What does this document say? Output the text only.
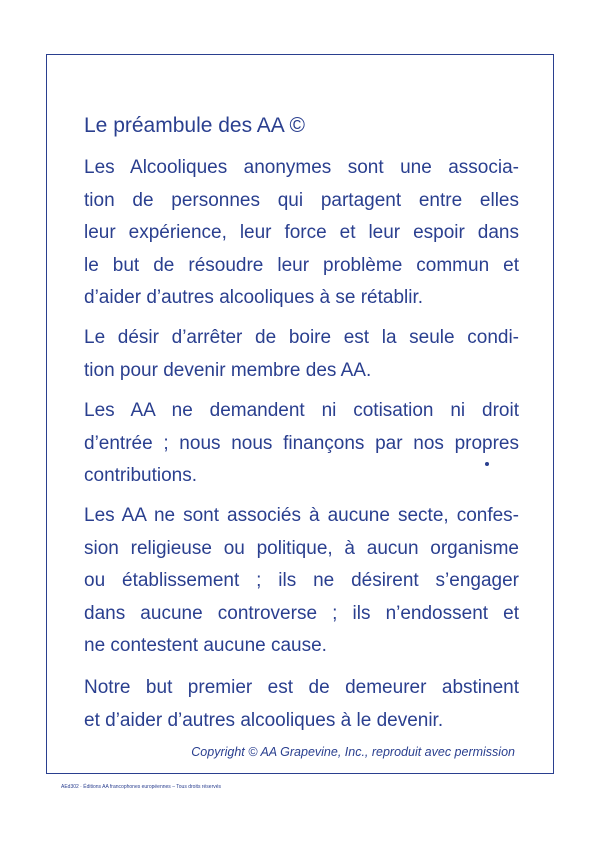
Le préambule des AA ©

Les Alcooliques anonymes sont une associa-
tion de personnes qui partagent entre elles
leur expérience, leur force et leur espoir dans
le but de résoudre leur problème commun et
d’aider d’autres alcooliques à se rétablir.

Le désir d’arrêter de boire est la seule condi-
tion pour devenir membre des AA.

Les AA ne demandent ni cotisation ni droit
d’entrée ; nous nous finançons par nos propres
contributions.

Les AA ne sont associés à aucune secte, confes-
sion religieuse ou politique, à aucun organisme
ou établissement ; ils ne désirent s’engager
dans aucune controverse ; ils n’endossent et
ne contestent aucune cause.

Notre but premier est de demeurer abstinent
et d’aider d’autres alcooliques à le devenir.

Copyright © AA Grapevine, Inc., reproduit avec permission

AEd302 · Éditions AA francophones européennes – Tous droits réservés
